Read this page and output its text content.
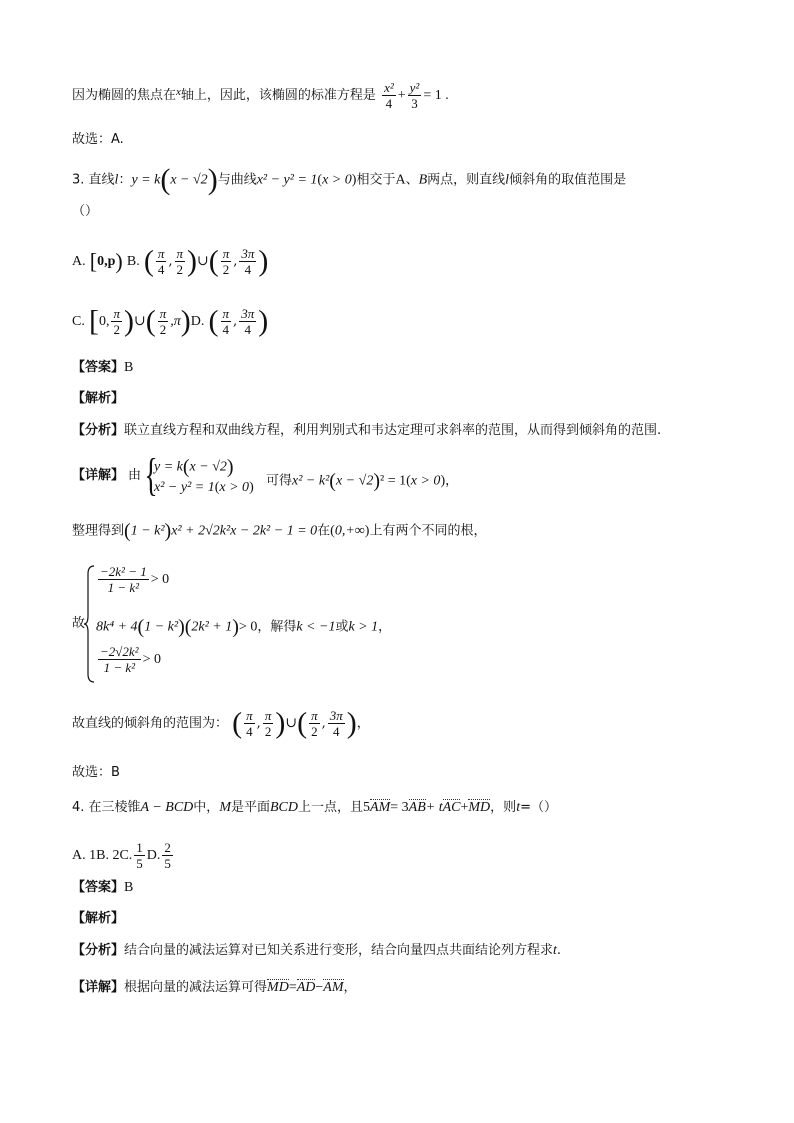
因为椭圆的焦点在$^x$轴上，因此，该椭圆的标准方程是 $\frac{\text{x²}}{4} + \frac{\text{y²}}{3} = 1$ .
故选：A.
3. 直线l：y = k(x − √2)与曲线x² − y² = 1(x > 0)相交于A、B两点，则直线l倾斜角的取值范围是
（）
A. [0,p) B. ( $\frac{\pi}{4}$ , $\frac{\pi}{2}$ )∪( $\frac{\pi}{2}$ , $\frac{3\pi}{4}$ )
C. [0, $\frac{\pi}{2}$ )∪( $\frac{\pi}{2} ,\pi)D$. ( $\frac{\pi}{4}$ , $\frac{3\pi}{4}$ )
【答案】B
【解析】
【分析】联立直线方程和双曲线方程，利用判别式和韦达定理可求斜率的范围，从而得到倾斜角的范围.
【详解】 由 {
y = k(x − √2)
x² − y² = 1(x > 0) 可得x² − k²(x − √2)² = 1(x > 0)，
整理得到(1 − k²)x² + 2√2k²x − 2k² − 1 = 0在(0,+∞)上有两个不同的根，
故
$\frac{\text{−2k² − 1}}{\text{1 − k²}} > 0$
8k⁴ + 4(1 − k²)(2k² + 1)> 0，解得k < −1或k > 1，
$\frac{\text{−2√2k²}}{\text{1 − k²}} > 0$
故直线的倾斜角的范围为： ( $\frac{\pi}{4}$ , $\frac{\pi}{2}$ )∪( $\frac{\pi}{2}$ , $\frac{3\pi}{4}$ )，
故选：B
4. 在三棱锥A − BCD中，M是平面BCD上一点，且5AM= 3AB+ tAC+MD，则t=（）
A. 1B. 2C. $\frac{1}{5} D$. $\frac{2}{5}$
【答案】B
【解析】
【分析】结合向量的减法运算对已知关系进行变形，结合向量四点共面结论列方程求t.
【详解】根据向量的减法运算可得MD=AD−AM，
